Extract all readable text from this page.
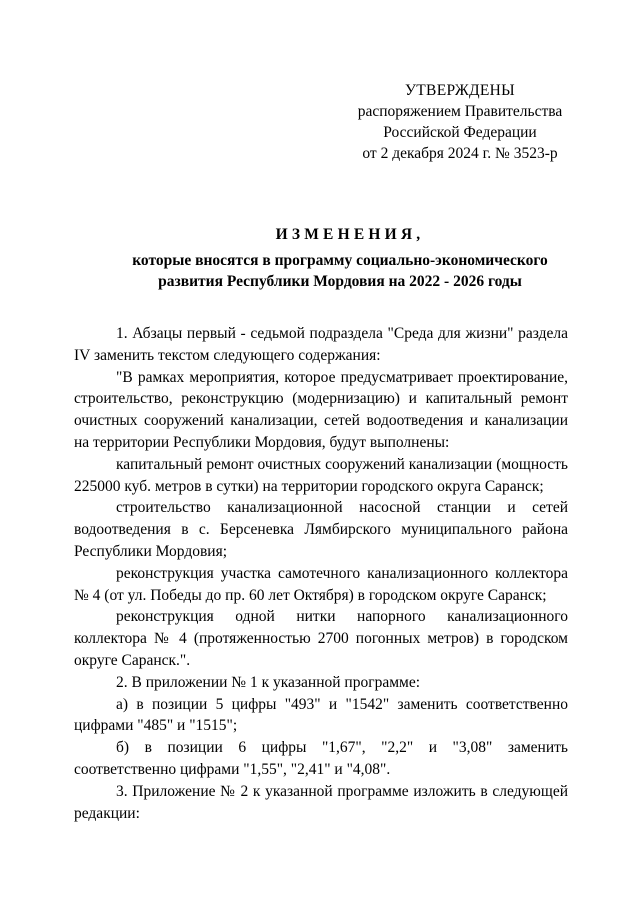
УТВЕРЖДЕНЫ
распоряжением Правительства
Российской Федерации
от 2 декабря 2024 г. № 3523-р
ИЗМЕНЕНИЯ,
которые вносятся в программу социально-экономического
развития Республики Мордовия на 2022 - 2026 годы

1. Абзацы первый - седьмой подраздела "Среда для жизни" раздела IV заменить текстом следующего содержания:

"В рамках мероприятия, которое предусматривает проектирование, строительство, реконструкцию (модернизацию) и капитальный ремонт очистных сооружений канализации, сетей водоотведения и канализации на территории Республики Мордовия, будут выполнены:

капитальный ремонт очистных сооружений канализации (мощность 225000 куб. метров в сутки) на территории городского округа Саранск;

строительство канализационной насосной станции и сетей водоотведения в с. Берсеневка Лямбирского муниципального района Республики Мордовия;

реконструкция участка самотечного канализационного коллектора № 4 (от ул. Победы до пр. 60 лет Октября) в городском округе Саранск;

реконструкция одной нитки напорного канализационного коллектора № 4 (протяженностью 2700 погонных метров) в городском округе Саранск.".

2. В приложении № 1 к указанной программе:

а) в позиции 5 цифры "493" и "1542" заменить соответственно цифрами "485" и "1515";

б) в позиции 6 цифры "1,67", "2,2" и "3,08" заменить соответственно цифрами "1,55", "2,41" и "4,08".

3. Приложение № 2 к указанной программе изложить в следующей редакции:
